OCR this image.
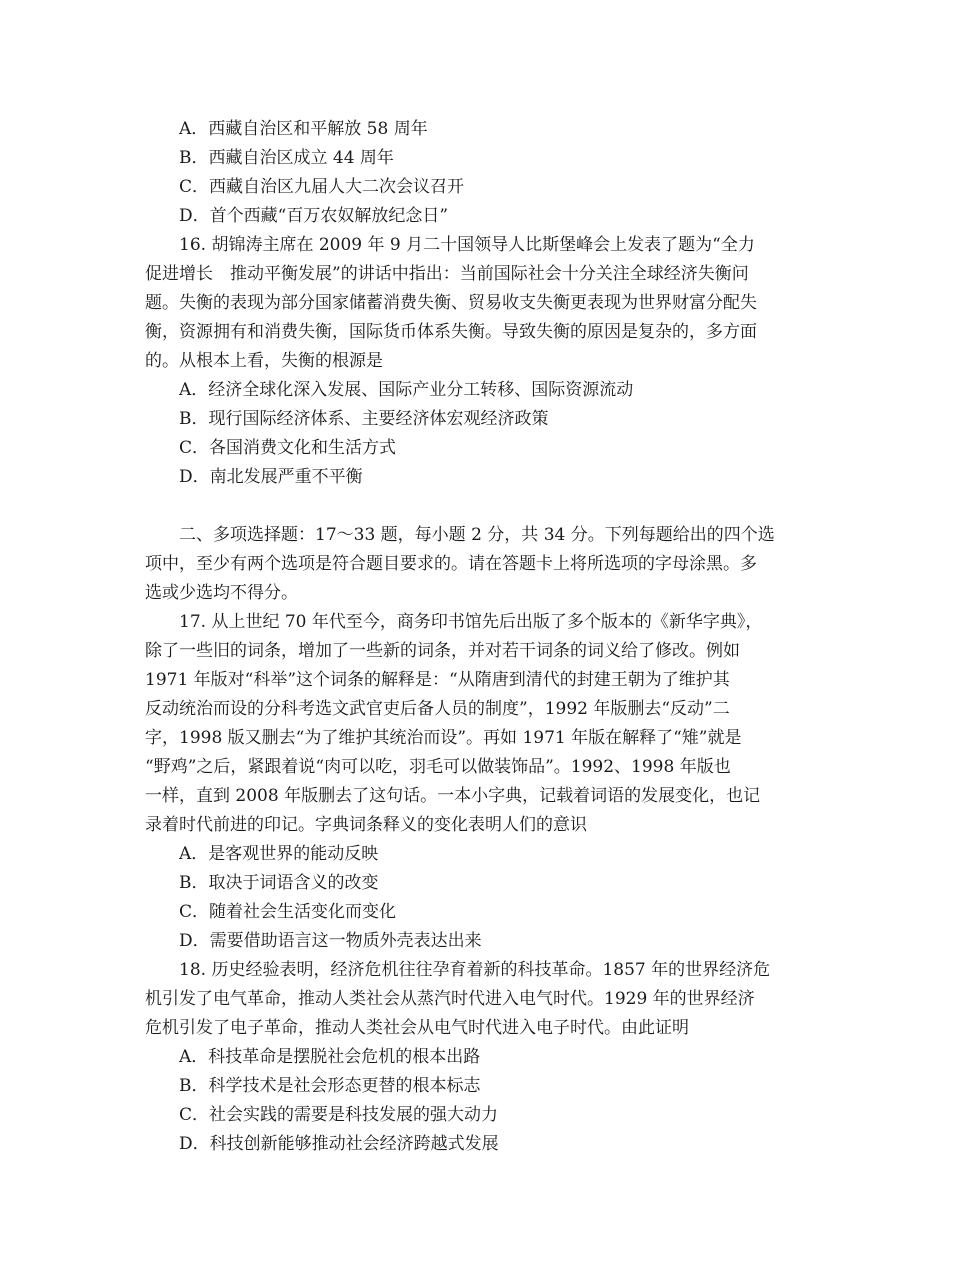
A．西藏自治区和平解放 58 周年
B．西藏自治区成立 44 周年
C．西藏自治区九届人大二次会议召开
D．首个西藏“百万农奴解放纪念日”
16. 胡锦涛主席在 2009 年 9 月二十国领导人比斯堡峰会上发表了题为“全力
促进增长　推动平衡发展”的讲话中指出：当前国际社会十分关注全球经济失衡问
题。失衡的表现为部分国家储蓄消费失衡、贸易收支失衡更表现为世界财富分配失
衡，资源拥有和消费失衡，国际货币体系失衡。导致失衡的原因是复杂的，多方面
的。从根本上看，失衡的根源是
A．经济全球化深入发展、国际产业分工转移、国际资源流动
B．现行国际经济体系、主要经济体宏观经济政策
C．各国消费文化和生活方式
D．南北发展严重不平衡
二、多项选择题：17～33 题，每小题 2 分，共 34 分。下列每题给出的四个选
项中，至少有两个选项是符合题目要求的。请在答题卡上将所选项的字母涂黑。多
选或少选均不得分。
17. 从上世纪 70 年代至今，商务印书馆先后出版了多个版本的《新华字典》，
除了一些旧的词条，增加了一些新的词条，并对若干词条的词义给了修改。例如
1971 年版对“科举”这个词条的解释是：“从隋唐到清代的封建王朝为了维护其
反动统治而设的分科考选文武官吏后备人员的制度”，1992 年版删去“反动”二
字，1998 版又删去“为了维护其统治而设”。再如 1971 年版在解释了“雉”就是
“野鸡”之后，紧跟着说“肉可以吃，羽毛可以做装饰品”。1992、1998 年版也
一样，直到 2008 年版删去了这句话。一本小字典，记载着词语的发展变化，也记
录着时代前进的印记。字典词条释义的变化表明人们的意识
A．是客观世界的能动反映
B．取决于词语含义的改变
C．随着社会生活变化而变化
D．需要借助语言这一物质外壳表达出来
18. 历史经验表明，经济危机往往孕育着新的科技革命。1857 年的世界经济危
机引发了电气革命，推动人类社会从蒸汽时代进入电气时代。1929 年的世界经济
危机引发了电子革命，推动人类社会从电气时代进入电子时代。由此证明
A．科技革命是摆脱社会危机的根本出路
B．科学技术是社会形态更替的根本标志
C．社会实践的需要是科技发展的强大动力
D．科技创新能够推动社会经济跨越式发展
